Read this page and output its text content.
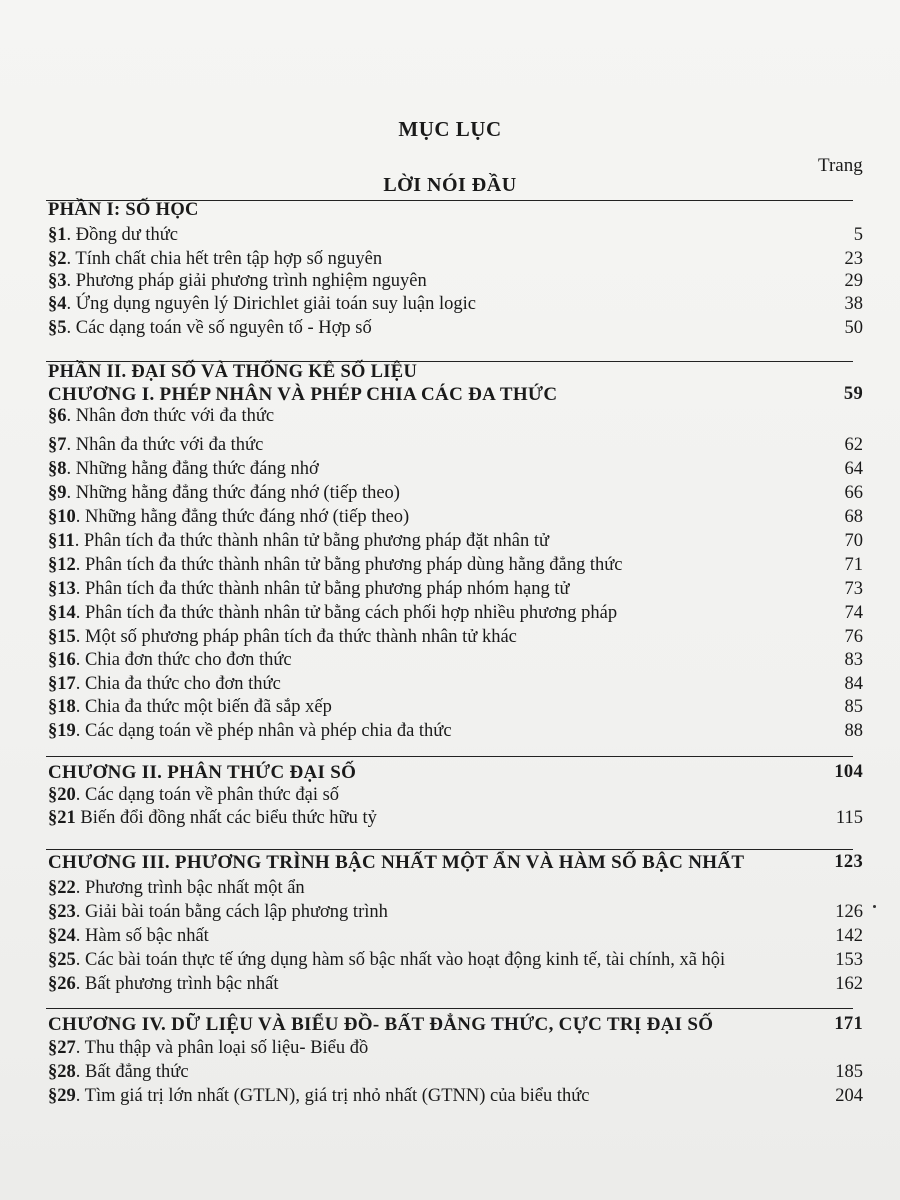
MỤC LỤC
Trang
LỜI NÓI ĐẦU
PHẦN I: SỐ HỌC
§1. Đồng dư thức	5
§2. Tính chất chia hết trên tập hợp số nguyên	23
§3. Phương pháp giải phương trình nghiệm nguyên	29
§4. Ứng dụng nguyên lý Dirichlet giải toán suy luận logic	38
§5. Các dạng toán về số nguyên tố - Hợp số	50
PHẦN II. ĐẠI SỐ VÀ THỐNG KÊ SỐ LIỆU
CHƯƠNG I. PHÉP NHÂN VÀ PHÉP CHIA CÁC ĐA THỨC	59
§6. Nhân đơn thức với đa thức
§7. Nhân đa thức với đa thức	62
§8. Những hằng đẳng thức đáng nhớ	64
§9. Những hằng đẳng thức đáng nhớ (tiếp theo)	66
§10. Những hằng đẳng thức đáng nhớ (tiếp theo)	68
§11. Phân tích đa thức thành nhân tử bằng phương pháp đặt nhân tử	70
§12. Phân tích đa thức thành nhân tử bằng phương pháp dùng hằng đẳng thức	71
§13. Phân tích đa thức thành nhân tử bằng phương pháp nhóm hạng tử	73
§14. Phân tích đa thức thành nhân tử bằng cách phối hợp nhiều phương pháp	74
§15. Một số phương pháp phân tích đa thức thành nhân tử khác	76
§16. Chia đơn thức cho đơn thức	83
§17. Chia đa thức cho đơn thức	84
§18. Chia đa thức một biến đã sắp xếp	85
§19. Các dạng toán về phép nhân và phép chia đa thức	88
CHƯƠNG II. PHÂN THỨC ĐẠI SỐ	104
§20. Các dạng toán về phân thức đại số
§21 Biến đổi đồng nhất các biểu thức hữu tỷ	115
CHƯƠNG III. PHƯƠNG TRÌNH BẬC NHẤT MỘT ẨN VÀ HÀM SỐ BẬC NHẤT	123
§22. Phương trình bậc nhất một ẩn
§23. Giải bài toán bằng cách lập phương trình	126
§24. Hàm số bậc nhất	142
§25. Các bài toán thực tế ứng dụng hàm số bậc nhất vào hoạt động kinh tế, tài chính, xã hội	153
§26. Bất phương trình bậc nhất	162
CHƯƠNG IV. DỮ LIỆU VÀ BIỂU ĐỒ- BẤT ĐẲNG THỨC, CỰC TRỊ ĐẠI SỐ	171
§27. Thu thập và phân loại số liệu- Biểu đồ
§28. Bất đẳng thức	185
§29. Tìm giá trị lớn nhất (GTLN), giá trị nhỏ nhất (GTNN) của biểu thức	204
